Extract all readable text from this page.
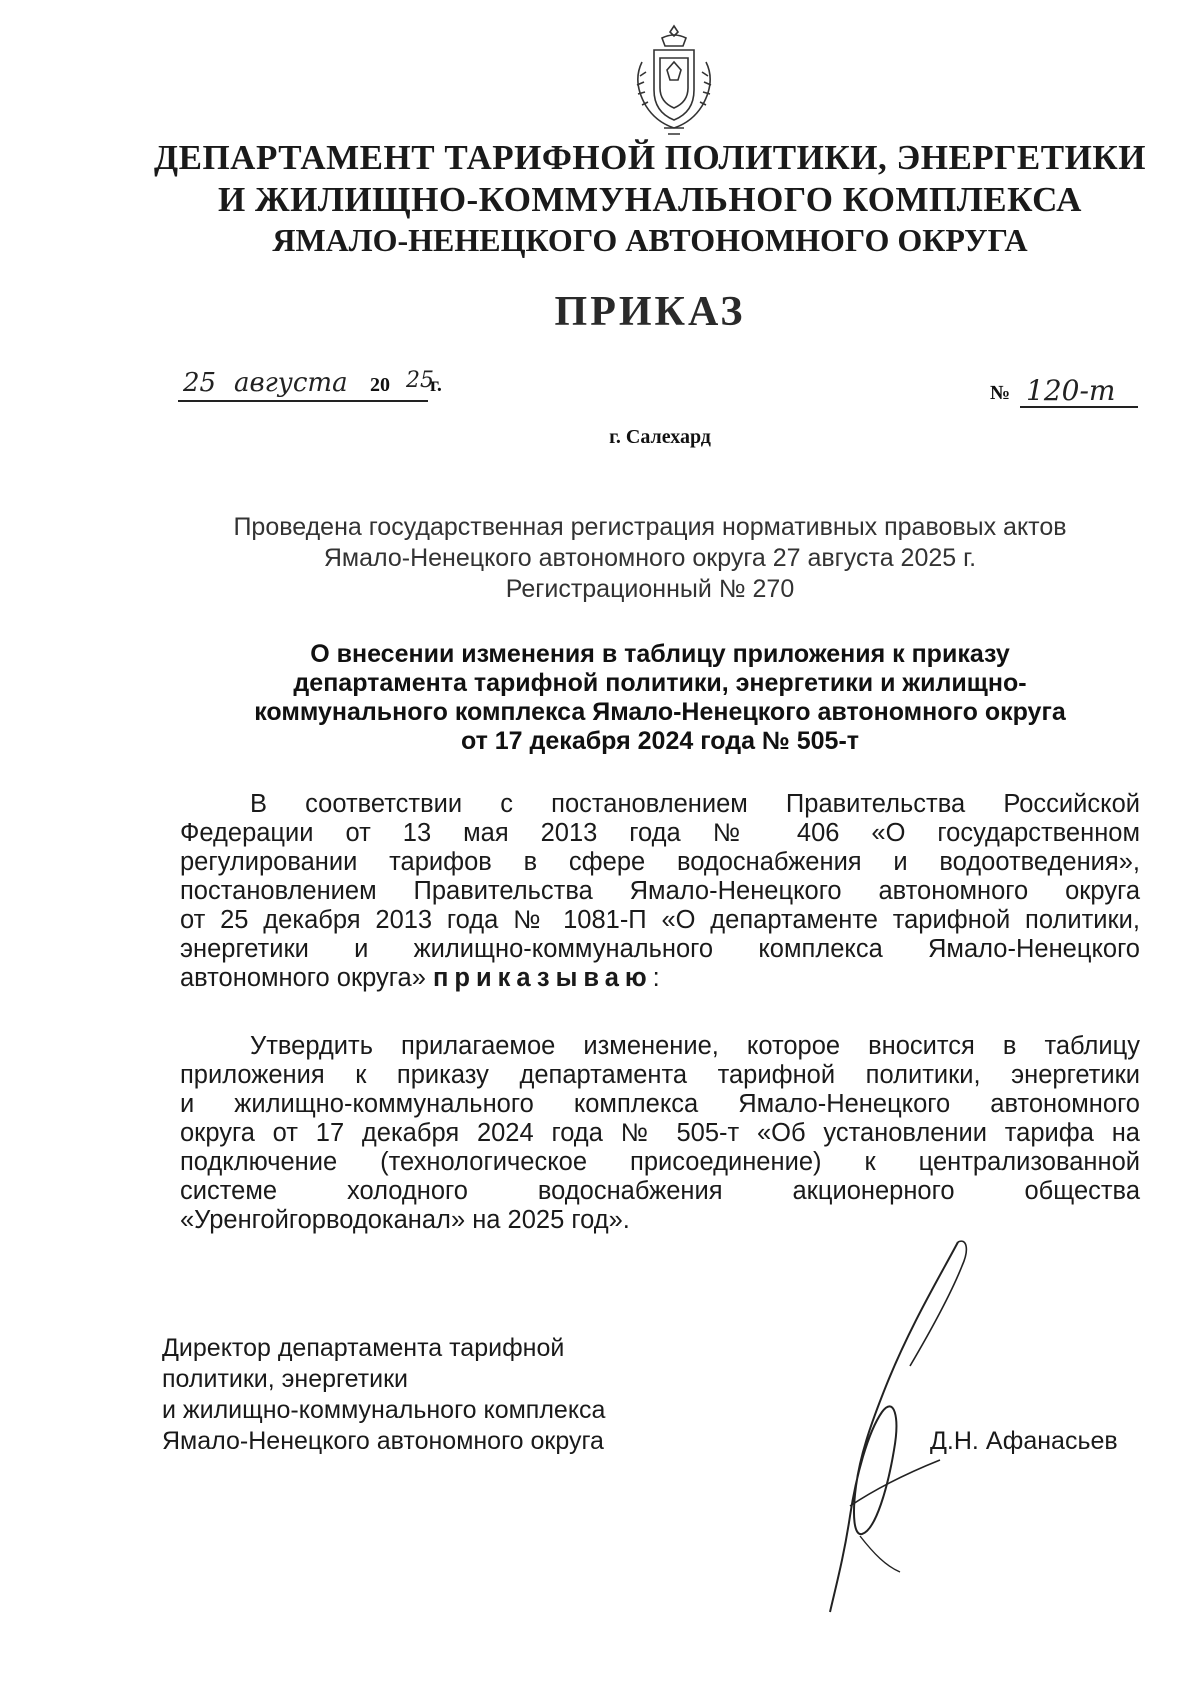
ДЕПАРТАМЕНТ ТАРИФНОЙ ПОЛИТИКИ, ЭНЕРГЕТИКИ
И ЖИЛИЩНО-КОММУНАЛЬНОГО КОМПЛЕКСА
ЯМАЛО-НЕНЕЦКОГО АВТОНОМНОГО ОКРУГА
ПРИКАЗ
25 августа 20 25
г.	№ 120-т
г. Салехард
Проведена государственная регистрация нормативных правовых актов
Ямало-Ненецкого автономного округа 27 августа 2025 г.
Регистрационный № 270
О внесении изменения в таблицу приложения к приказу
департамента тарифной политики, энергетики и жилищно-
коммунального комплекса Ямало-Ненецкого автономного округа
от 17 декабря 2024 года № 505-т
В соответствии с постановлением Правительства Российской
Федерации от 13 мая 2013 года № 406 «О государственном
регулировании тарифов в сфере водоснабжения и водоотведения»,
постановлением Правительства Ямало-Ненецкого автономного округа
от 25 декабря 2013 года № 1081-П «О департаменте тарифной политики,
энергетики и жилищно-коммунального комплекса Ямало-Ненецкого
автономного округа» приказываю:
Утвердить прилагаемое изменение, которое вносится в таблицу
приложения к приказу департамента тарифной политики, энергетики
и жилищно-коммунального комплекса Ямало-Ненецкого автономного
округа от 17 декабря 2024 года № 505-т «Об установлении тарифа на
подключение (технологическое присоединение) к централизованной
системе холодного водоснабжения акционерного общества
«Уренгойгорводоканал» на 2025 год».
Директор департамента тарифной
политики, энергетики
и жилищно-коммунального комплекса
Ямало-Ненецкого автономного округа	Д.Н. Афанасьев
